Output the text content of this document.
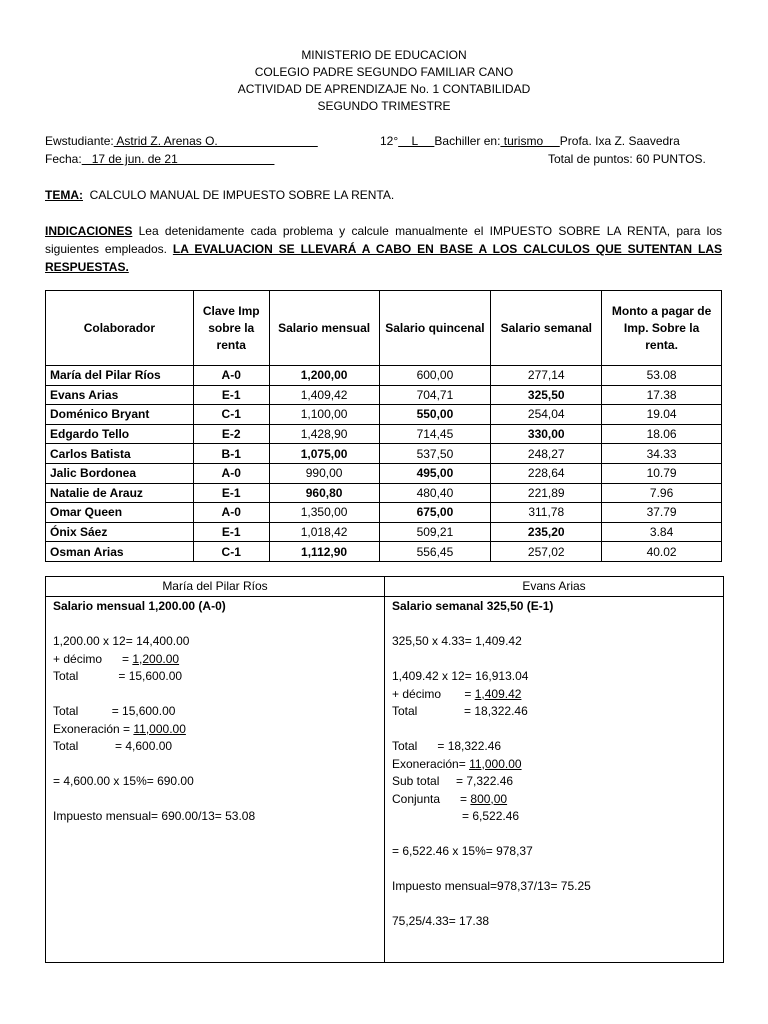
MINISTERIO DE EDUCACION
COLEGIO PADRE SEGUNDO FAMILIAR CANO
ACTIVIDAD DE APRENDIZAJE No. 1 CONTABILIDAD
SEGUNDO TRIMESTRE
Ewstudiante: Astrid Z. Arenas O.	12°    L     Bachiller en: turismo     Profa. Ixa Z. Saavedra
Fecha:   17 de jun. de 21	Total de puntos: 60 PUNTOS.
TEMA:  CALCULO MANUAL DE IMPUESTO SOBRE LA RENTA.
INDICACIONES Lea detenidamente cada problema y calcule manualmente el IMPUESTO SOBRE LA RENTA, para los siguientes empleados. LA EVALUACION SE LLEVARÁ A CABO EN BASE A LOS CALCULOS QUE SUTENTAN LAS RESPUESTAS.
Colaborador	Clave Imp sobre la renta	Salario mensual	Salario quincenal	Salario semanal	Monto a pagar de Imp. Sobre la renta.
María del Pilar Ríos	A-0	1,200,00	600,00	277,14	53.08
Evans Arias	E-1	1,409,42	704,71	325,50	17.38
Doménico Bryant	C-1	1,100,00	550,00	254,04	19.04
Edgardo Tello	E-2	1,428,90	714,45	330,00	18.06
Carlos Batista	B-1	1,075,00	537,50	248,27	34.33
Jalic Bordonea	A-0	990,00	495,00	228,64	10.79
Natalie de Arauz	E-1	960,80	480,40	221,89	7.96
Omar Queen	A-0	1,350,00	675,00	311,78	37.79
Ónix Sáez	E-1	1,018,42	509,21	235,20	3.84
Osman Arias	C-1	1,112,90	556,45	257,02	40.02
María del Pilar Ríos	Evans Arias
Salario mensual 1,200.00 (A-0)
1,200.00 x 12= 14,400.00
+ décimo      = 1,200.00
Total            = 15,600.00
Total          = 15,600.00
Exoneración = 11,000.00
Total           = 4,600.00
= 4,600.00 x 15%= 690.00
Impuesto mensual= 690.00/13= 53.08
Salario semanal 325,50 (E-1)
325,50 x 4.33= 1,409.42
1,409.42 x 12= 16,913.04
+ décimo       = 1,409.42
Total              = 18,322.46
Total      = 18,322.46
Exoneración= 11,000.00
Sub total     = 7,322.46
Conjunta      = 800,00
= 6,522.46
= 6,522.46 x 15%= 978,37
Impuesto mensual=978,37/13= 75.25
75,25/4.33= 17.38
